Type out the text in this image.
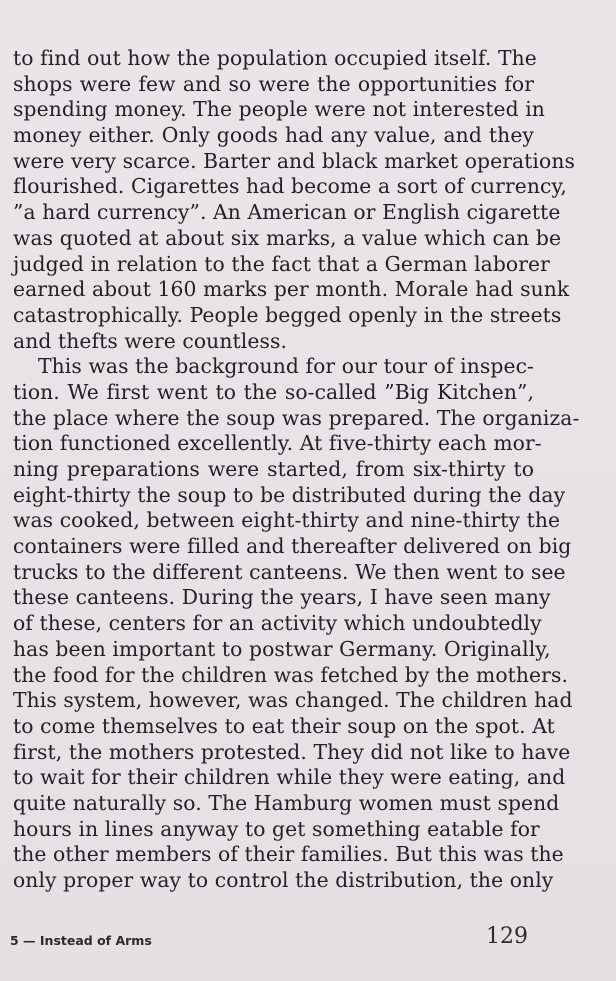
to find out how the population occupied itself. The
shops were few and so were the opportunities for
spending money. The people were not interested in
money either. Only goods had any value, and they
were very scarce. Barter and black market operations
flourished. Cigarettes had become a sort of currency,
”a hard currency”. An American or English cigarette
was quoted at about six marks, a value which can be
judged in relation to the fact that a German laborer
earned about 160 marks per month. Morale had sunk
catastrophically. People begged openly in the streets
and thefts were countless.
This was the background for our tour of inspec-
tion. We first went to the so-called ”Big Kitchen”,
the place where the soup was prepared. The organiza-
tion functioned excellently. At five-thirty each mor-
ning preparations were started, from six-thirty to
eight-thirty the soup to be distributed during the day
was cooked, between eight-thirty and nine-thirty the
containers were filled and thereafter delivered on big
trucks to the different canteens. We then went to see
these canteens. During the years, I have seen many
of these, centers for an activity which undoubtedly
has been important to postwar Germany. Originally,
the food for the children was fetched by the mothers.
This system, however, was changed. The children had
to come themselves to eat their soup on the spot. At
first, the mothers protested. They did not like to have
to wait for their children while they were eating, and
quite naturally so. The Hamburg women must spend
hours in lines anyway to get something eatable for
the other members of their families. But this was the
only proper way to control the distribution, the only
5 — Instead of Arms	129
